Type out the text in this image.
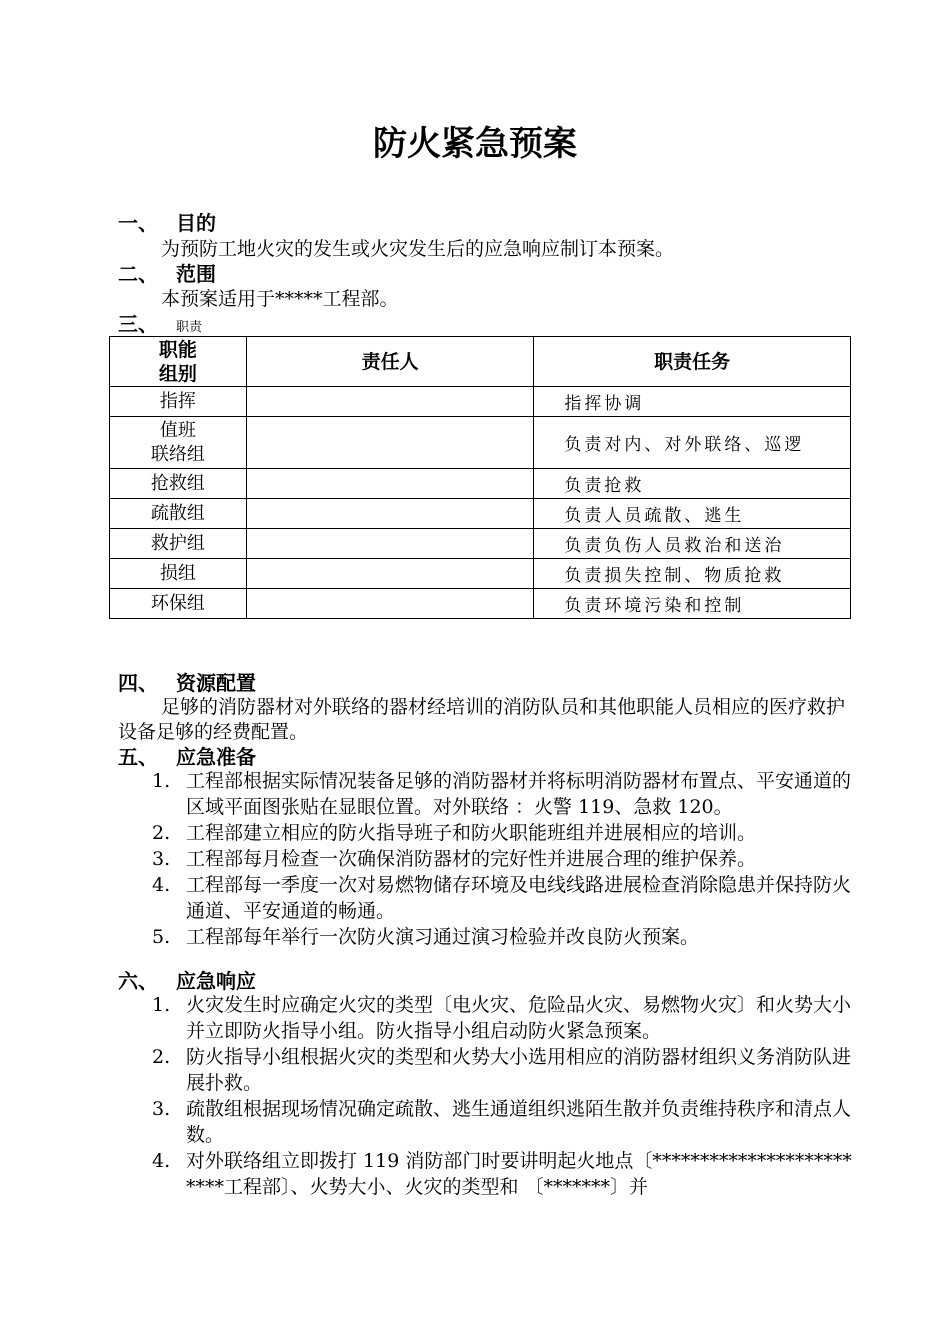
防火紧急预案
一、 目的
为预防工地火灾的发生或火灾发生后的应急响应制订本预案。
二、 范围
本预案适用于*****工程部。
三、 职责
职能
组别	责任人	职责任务
指挥		指挥协调

值班
联络组		负责对内、对外联络、巡逻
抢救组		负责抢救
疏散组		负责人员疏散、逃生
救护组		负责负伤人员救治和送治
损组		负责损失控制、物质抢救
环保组		负责环境污染和控制
四、 资源配置
足够的消防器材对外联络的器材经培训的消防队员和其他职能人员相应的医疗救护设备足够的经费配置。
五、 应急准备
1. 工程部根据实际情况装备足够的消防器材并将标明消防器材布置点、平安通道的区域平面图张贴在显眼位置。对外联络 ：火警 119、急救 120。
2. 工程部建立相应的防火指导班子和防火职能班组并进展相应的培训。
3. 工程部每月检查一次确保消防器材的完好性并进展合理的维护保养。
4. 工程部每一季度一次对易燃物储存环境及电线线路进展检查消除隐患并保持防火通道、平安通道的畅通。
5. 工程部每年举行一次防火演习通过演习检验并改良防火预案。
六、 应急响应
1. 火灾发生时应确定火灾的类型〔电火灾、危险品火灾、易燃物火灾〕和火势大小并立即防火指导小组。防火指导小组启动防火紧急预案。
2. 防火指导小组根据火灾的类型和火势大小选用相应的消防器材组织义务消防队进展扑救。
3. 疏散组根据现场情况确定疏散、逃生通道组织逃陌生散并负责维持秩序和清点人数。
4. 对外联络组立即拨打 119 消防部门时要讲明起火地点〔*************************工程部〕、火势大小、火灾的类型和 〔*******〕并
